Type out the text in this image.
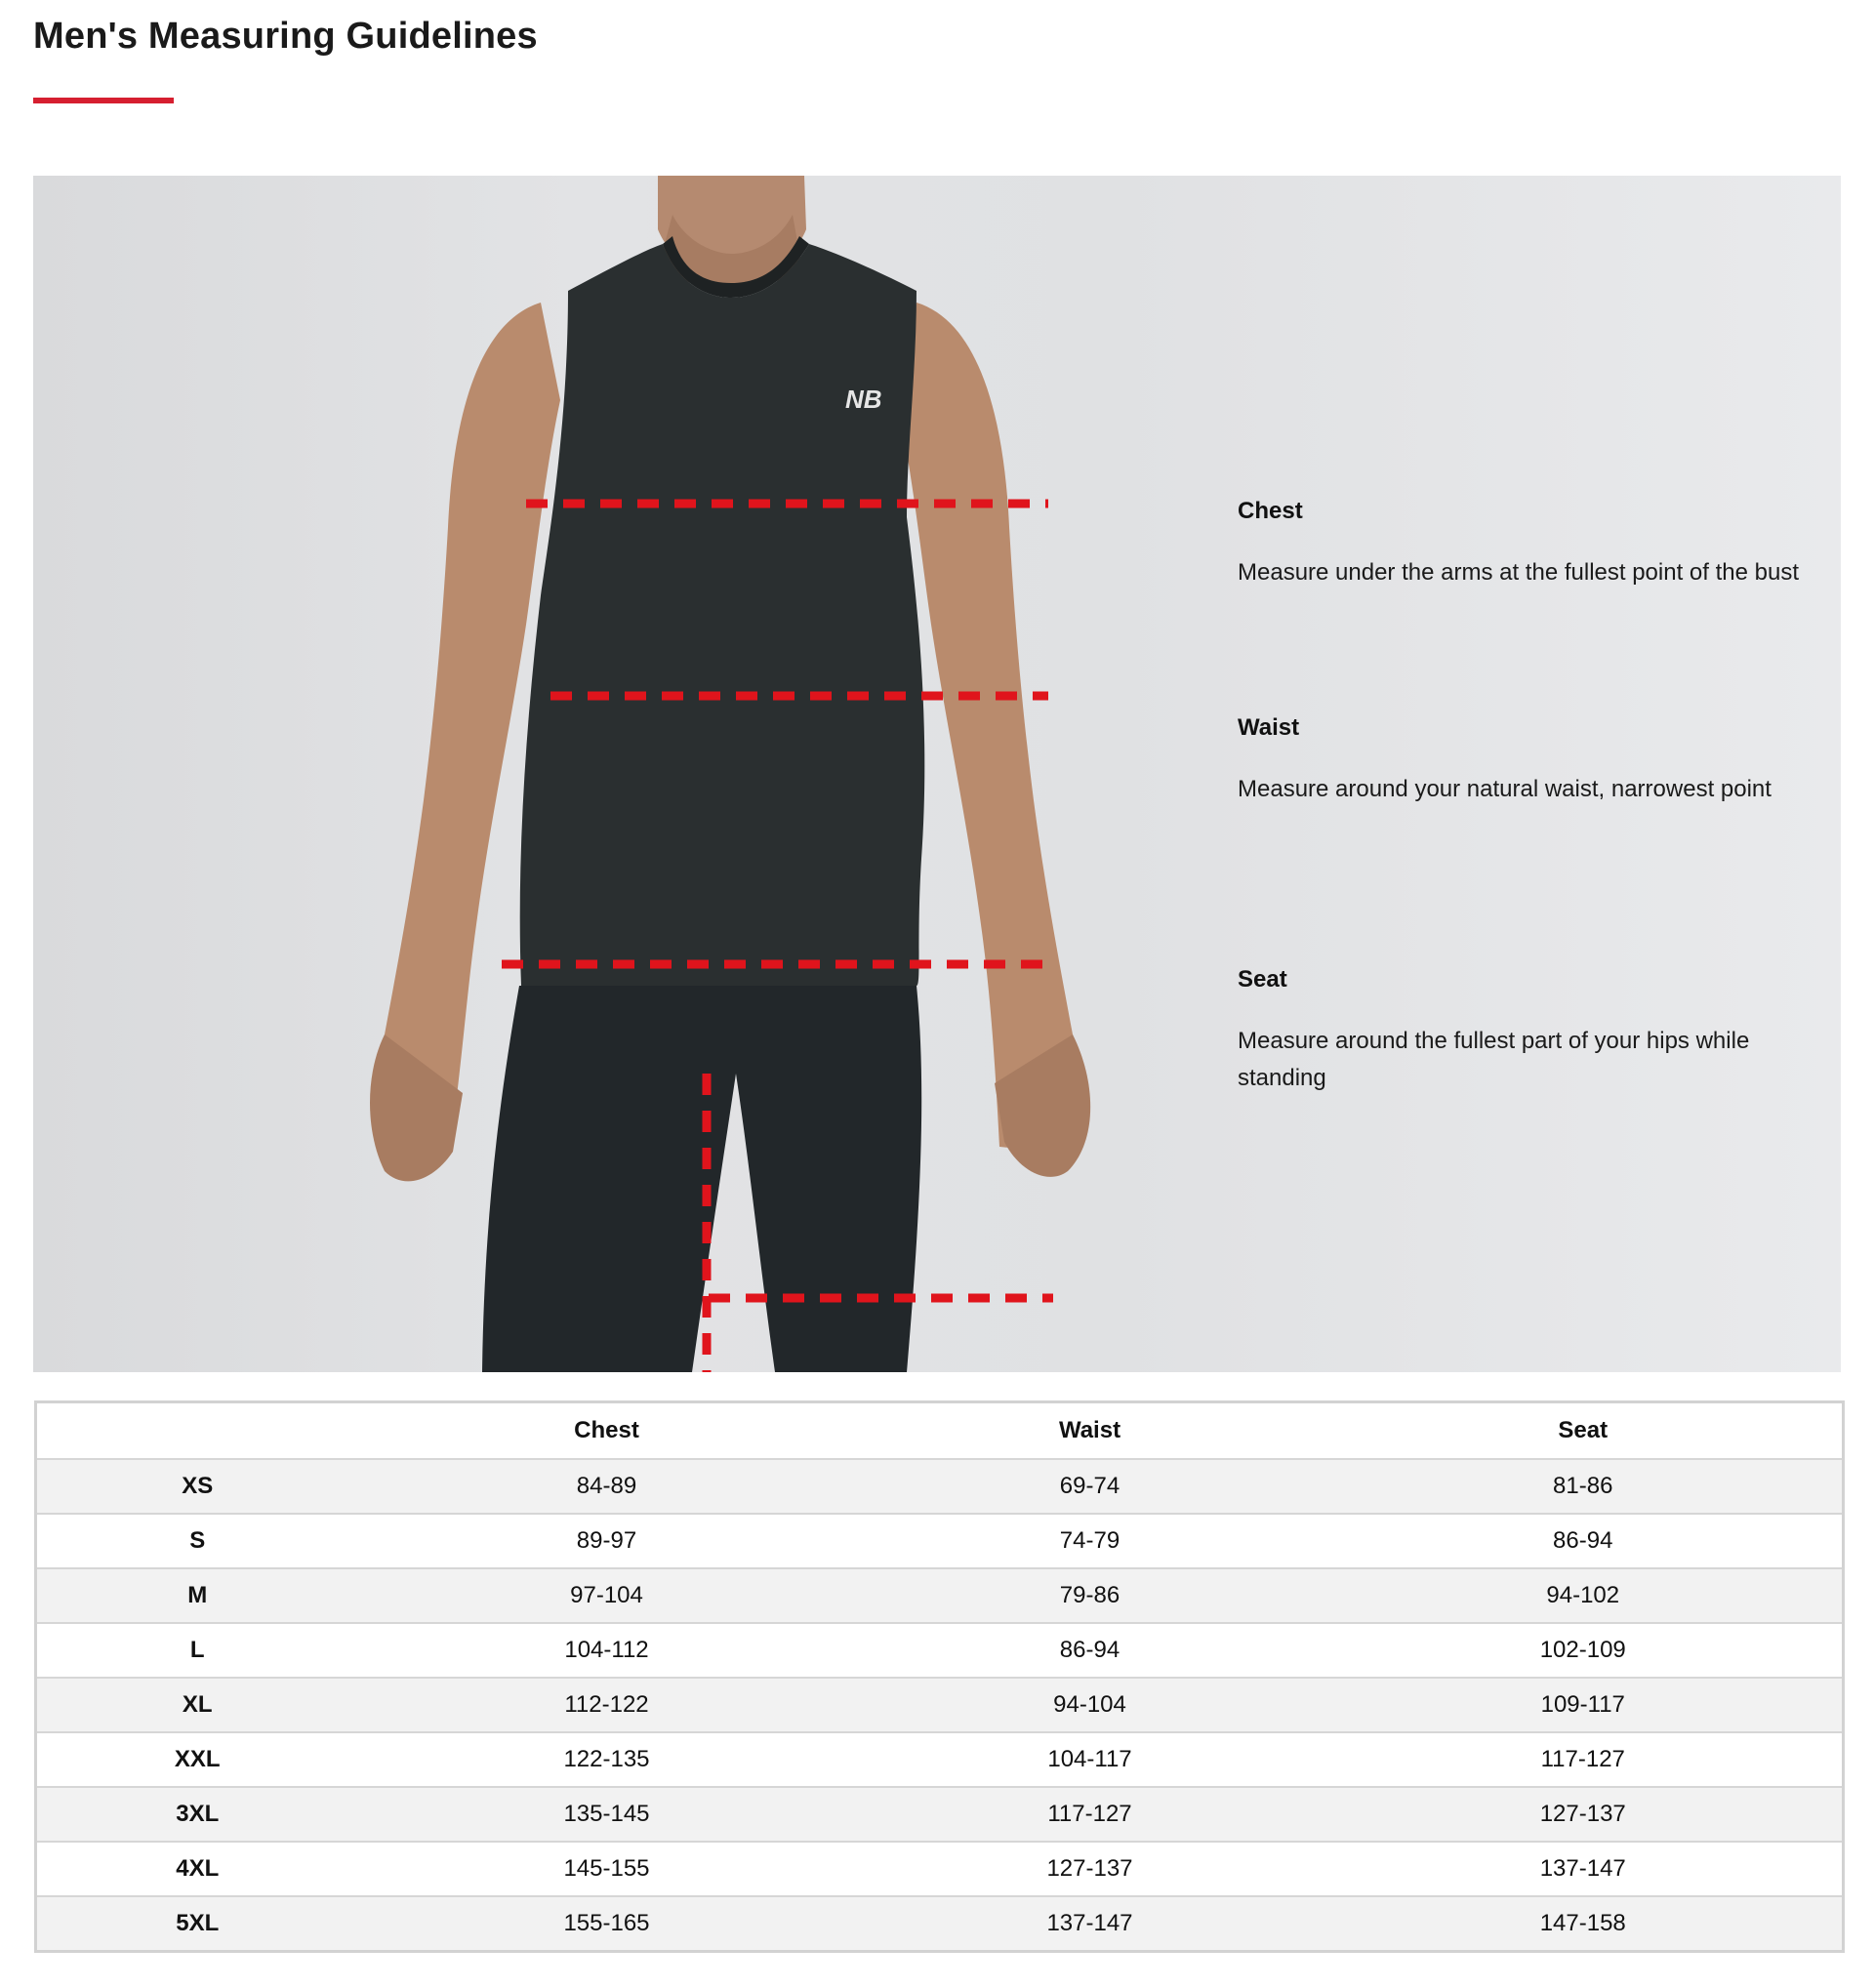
Men's Measuring Guidelines
NB

Chest

Measure under the arms at the fullest point of the bust

Waist

Measure around your natural waist, narrowest point

Seat

Measure around the fullest part of your hips while standing

	Chest	Waist	Seat
XS	84-89	69-74	81-86
S	89-97	74-79	86-94
M	97-104	79-86	94-102
L	104-112	86-94	102-109
XL	112-122	94-104	109-117
XXL	122-135	104-117	117-127
3XL	135-145	117-127	127-137
4XL	145-155	127-137	137-147
5XL	155-165	137-147	147-158
